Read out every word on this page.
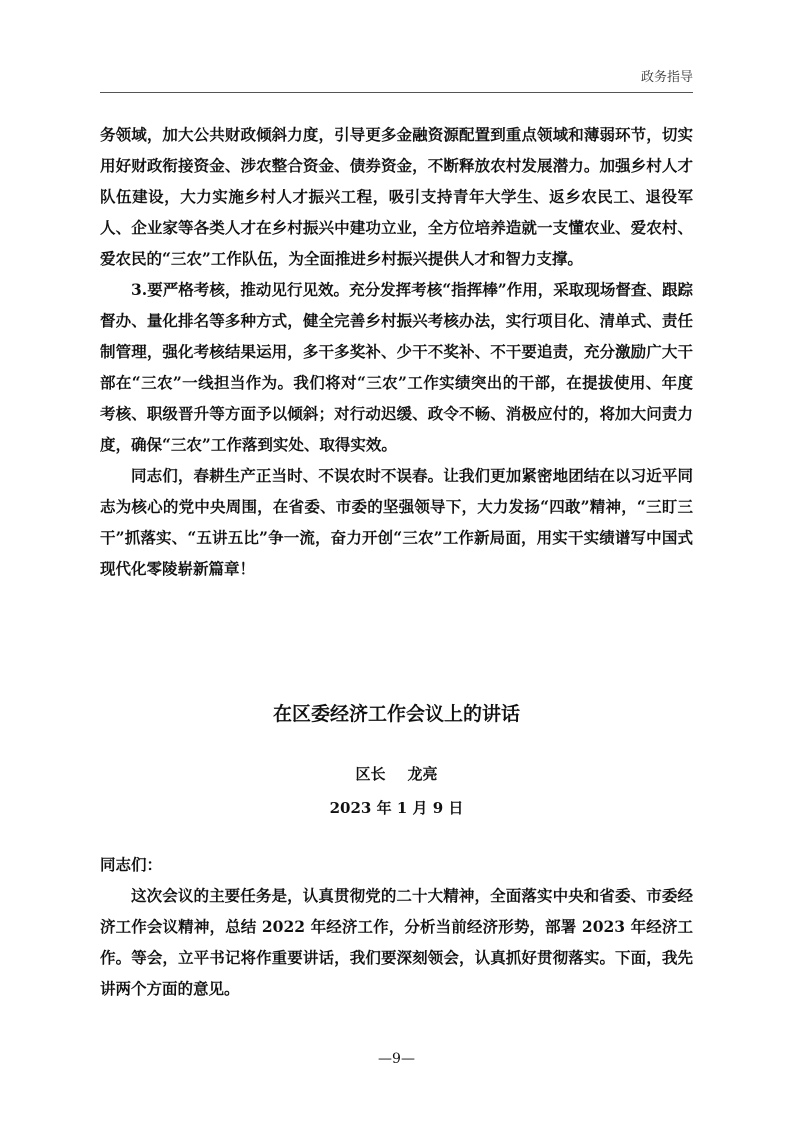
政务指导

务领域，加大公共财政倾斜力度，引导更多金融资源配置到重点领域和薄弱环节，切实用好财政衔接资金、涉农整合资金、债券资金，不断释放农村发展潜力。加强乡村人才队伍建设，大力实施乡村人才振兴工程，吸引支持青年大学生、返乡农民工、退役军人、企业家等各类人才在乡村振兴中建功立业，全方位培养造就一支懂农业、爱农村、爱农民的“三农”工作队伍，为全面推进乡村振兴提供人才和智力支撑。

3.要严格考核，推动见行见效。充分发挥考核“指挥棒”作用，采取现场督查、跟踪督办、量化排名等多种方式，健全完善乡村振兴考核办法，实行项目化、清单式、责任制管理，强化考核结果运用，多干多奖补、少干不奖补、不干要追责，充分激励广大干部在“三农”一线担当作为。我们将对“三农”工作实绩突出的干部，在提拔使用、年度考核、职级晋升等方面予以倾斜；对行动迟缓、政令不畅、消极应付的，将加大问责力度，确保“三农”工作落到实处、取得实效。

同志们，春耕生产正当时、不误农时不误春。让我们更加紧密地团结在以习近平同志为核心的党中央周围，在省委、市委的坚强领导下，大力发扬“四敢”精神，“三盯三干”抓落实、“五讲五比”争一流，奋力开创“三农”工作新局面，用实干实绩谱写中国式现代化零陵崭新篇章！

在区委经济工作会议上的讲话
区长 龙亮
2023 年 1 月 9 日
同志们：

这次会议的主要任务是，认真贯彻党的二十大精神，全面落实中央和省委、市委经济工作会议精神，总结 2022 年经济工作，分析当前经济形势，部署 2023 年经济工作。等会，立平书记将作重要讲话，我们要深刻领会，认真抓好贯彻落实。下面，我先讲两个方面的意见。

—9—
